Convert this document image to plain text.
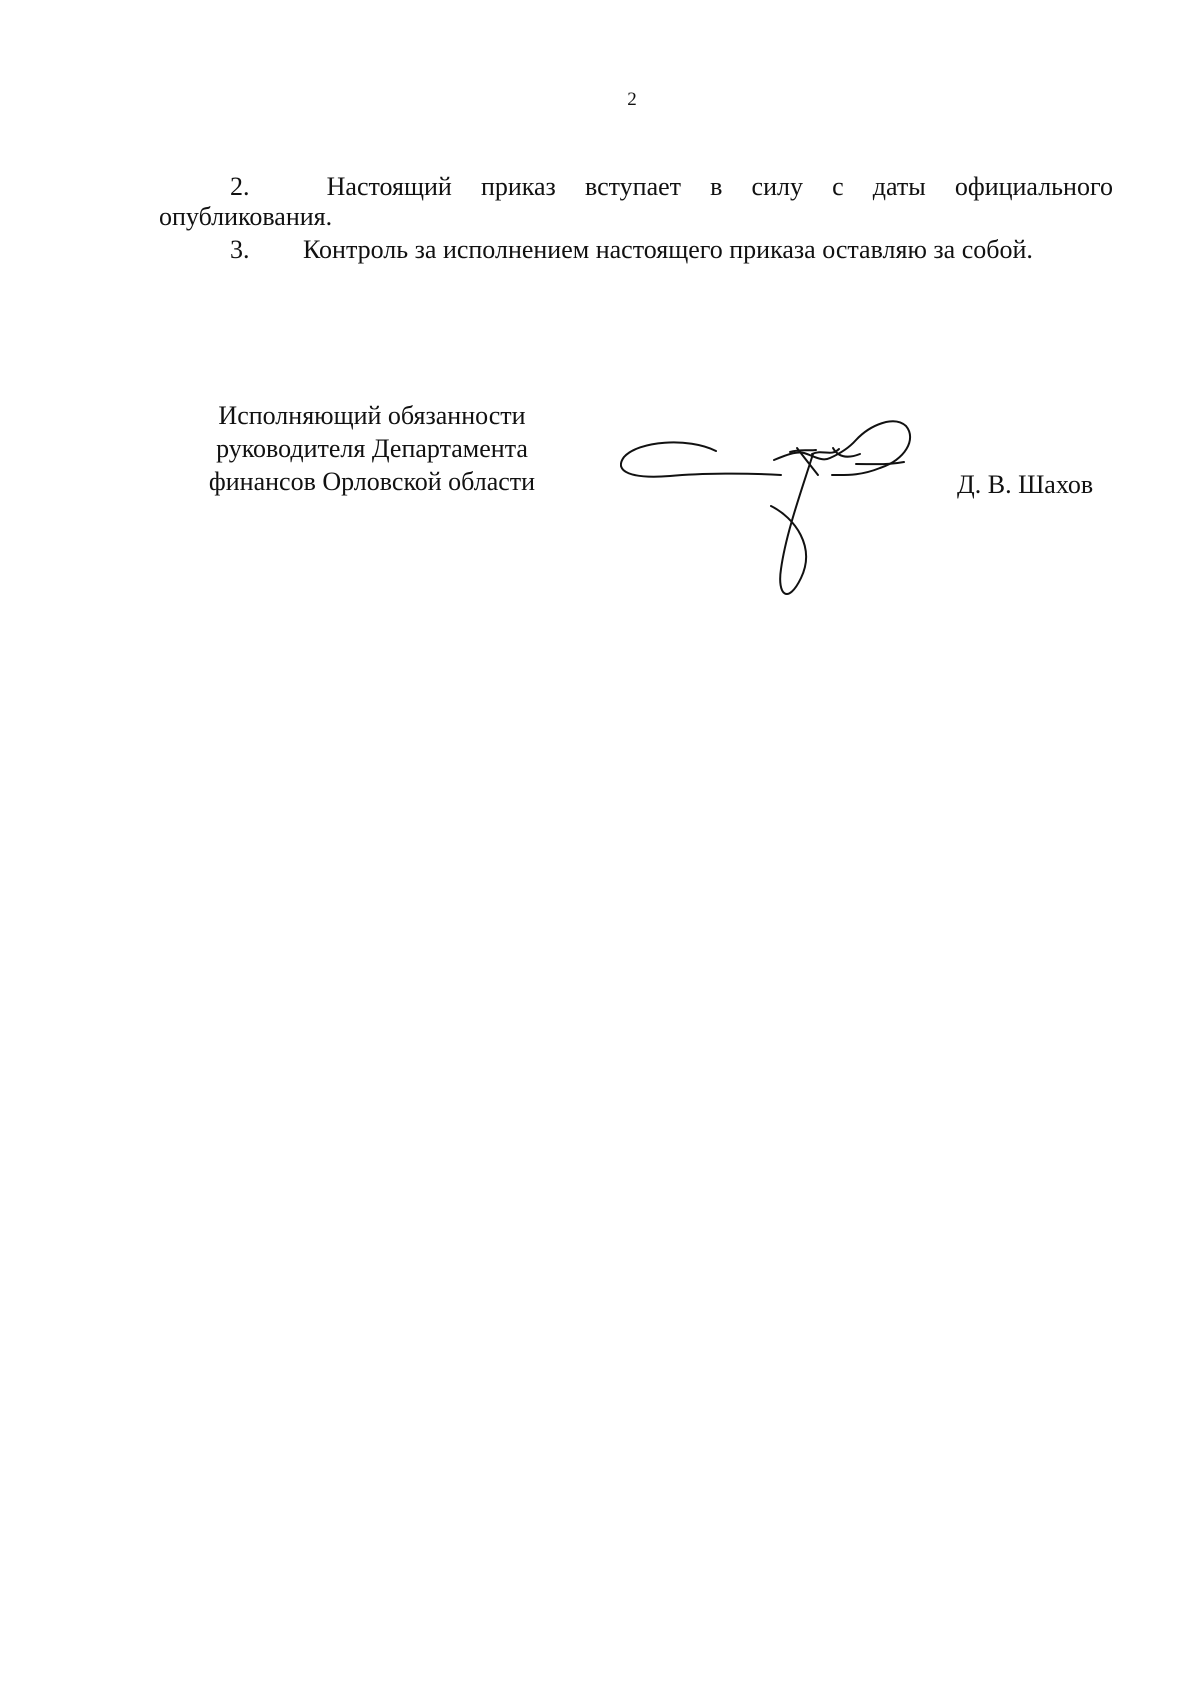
2
2.	Настоящий приказ вступает в силу с даты официального
опубликования.
3. Контроль за исполнением настоящего приказа оставляю за собой.
Исполняющий обязанности
руководителя Департамента
финансов Орловской области	Д. В. Шахов
